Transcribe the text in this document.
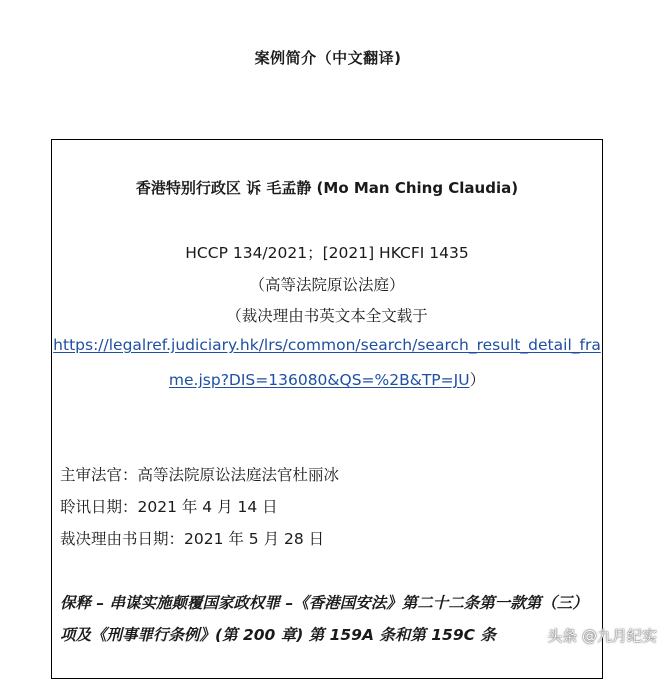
案例简介（中文翻译)
香港特别行政区 诉 毛孟静 (Mo Man Ching Claudia)
HCCP 134/2021；[2021] HKCFI 1435
（高等法院原讼法庭）
（裁决理由书英文本全文载于
https://legalref.judiciary.hk/lrs/common/search/search_result_detail_fra
me.jsp?DIS=136080&QS=%2B&TP=JU）
主审法官：高等法院原讼法庭法官杜丽冰
聆讯日期：2021 年 4 月 14 日
裁决理由书日期：2021 年 5 月 28 日
保释 – 串谋实施颠覆国家政权罪 –《香港国安法》第二十二条第一款第（三）
项及《刑事罪行条例》(第 200 章) 第 159A 条和第 159C 条	头条 @九月纪实
